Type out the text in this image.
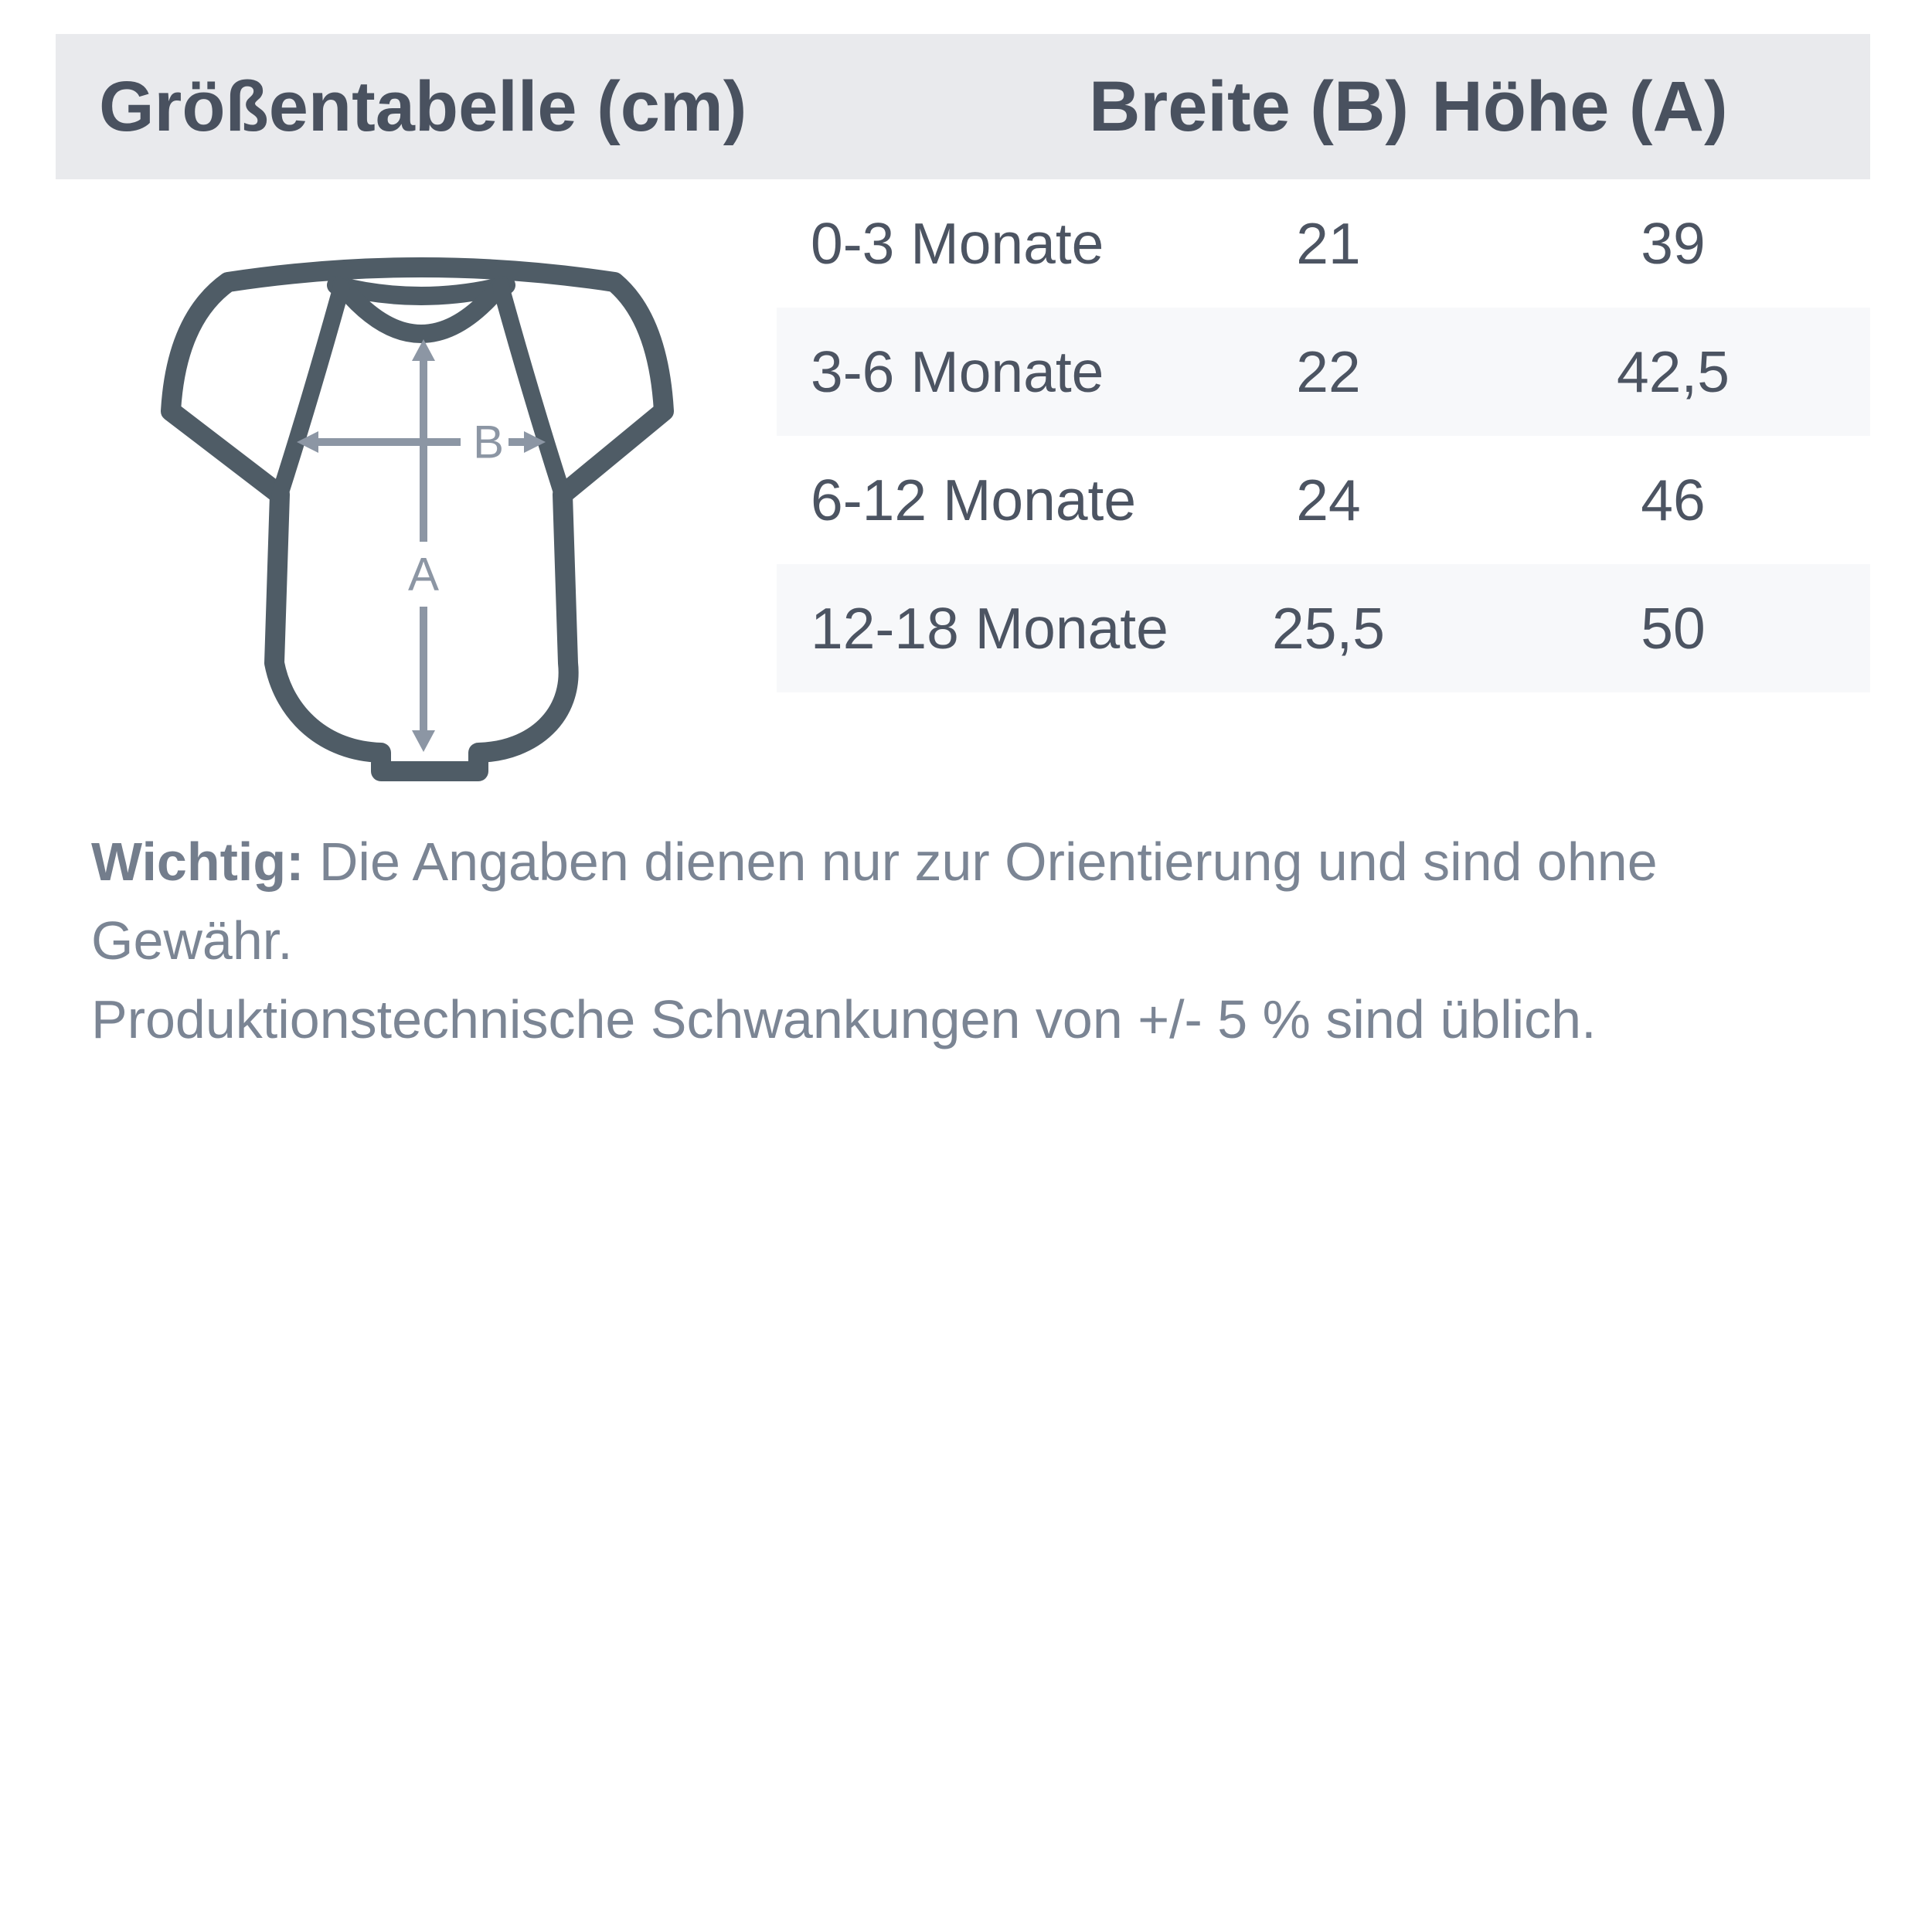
Größentabelle (cm)	Breite (B) Höhe (A)
A
B
0-3 Monate	21	39
3-6 Monate	22	42,5
6-12 Monate	24	46
12-18 Monate 25,5	50
Wichtig: Die Angaben dienen nur zur Orientierung und sind ohne Gewähr.
Produktionstechnische Schwankungen von +/- 5 % sind üblich.
